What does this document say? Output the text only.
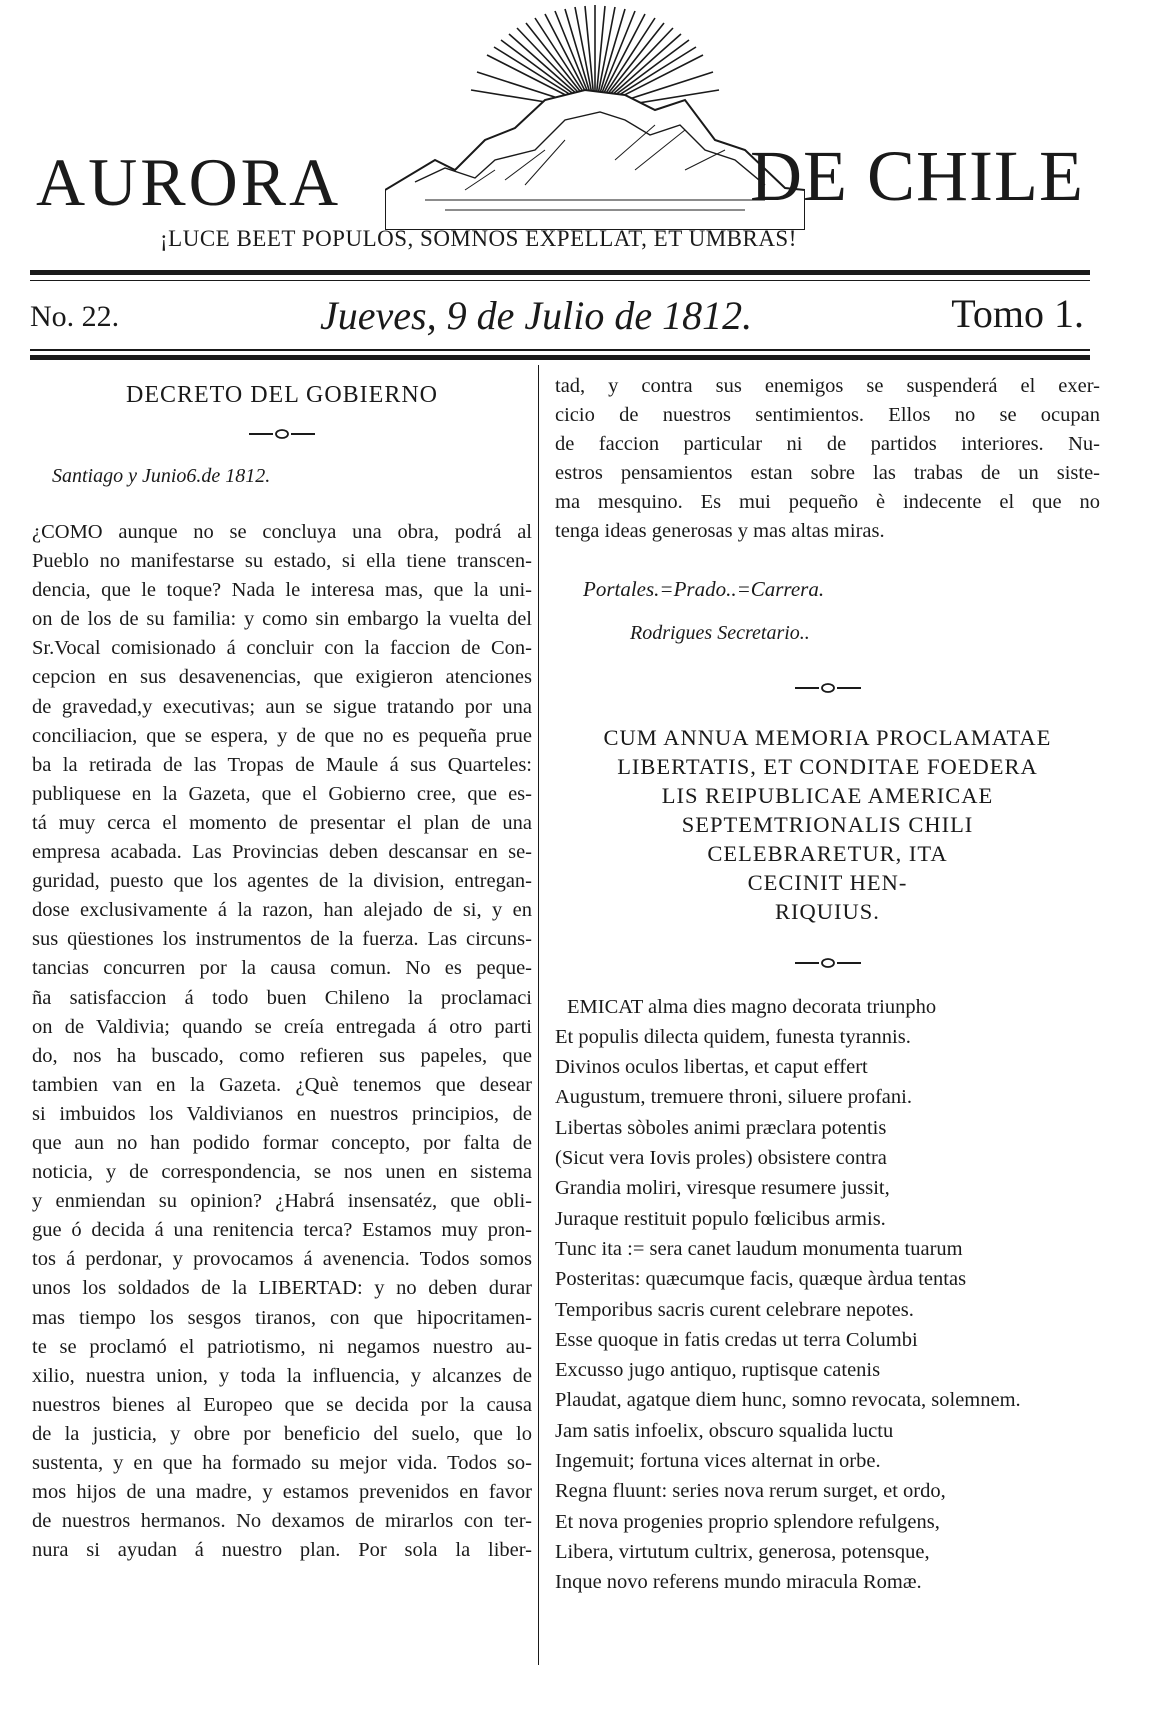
AURORA	DE CHILE
¡LUCE BEET POPULOS, SOMNOS EXPELLAT, ET UMBRAS!
No. 22.	Jueves, 9 de Julio de 1812.	Tomo 1.
DECRETO DEL GOBIERNO
Santiago y Junio6.de 1812.
¿COMO aunque no se concluya una obra, podrá al
Pueblo no manifestarse su estado, si ella tiene transcen-
dencia, que le toque? Nada le interesa mas, que la uni-
on de los de su familia: y como sin embargo la vuelta del
Sr.Vocal comisionado á concluir con la faccion de Con-
cepcion en sus desavenencias, que exigieron atenciones
de gravedad,y executivas; aun se sigue tratando por una
conciliacion, que se espera, y de que no es pequeña prue
ba la retirada de las Tropas de Maule á sus Quarteles:
publiquese en la Gazeta, que el Gobierno cree, que es-
tá muy cerca el momento de presentar el plan de una
empresa acabada. Las Provincias deben descansar en se-
guridad, puesto que los agentes de la division, entregan-
dose exclusivamente á la razon, han alejado de si, y en
sus qüestiones los instrumentos de la fuerza. Las circuns-
tancias concurren por la causa comun. No es peque-
ña satisfaccion á todo buen Chileno la proclamaci
on de Valdivia; quando se creía entregada á otro parti
do, nos ha buscado, como refieren sus papeles, que
tambien van en la Gazeta. ¿Què tenemos que desear
si imbuidos los Valdivianos en nuestros principios, de
que aun no han podido formar concepto, por falta de
noticia, y de correspondencia, se nos unen en sistema
y enmiendan su opinion? ¿Habrá insensatéz, que obli-
gue ó decida á una renitencia terca? Estamos muy pron-
tos á perdonar, y provocamos á avenencia. Todos somos
unos los soldados de la LIBERTAD: y no deben durar
mas tiempo los sesgos tiranos, con que hipocritamen-
te se proclamó el patriotismo, ni negamos nuestro au-
xilio, nuestra union, y toda la influencia, y alcanzes de
nuestros bienes al Europeo que se decida por la causa
de la justicia, y obre por beneficio del suelo, que lo
sustenta, y en que ha formado su mejor vida. Todos so-
mos hijos de una madre, y estamos prevenidos en favor
de nuestros hermanos. No dexamos de mirarlos con ter-
nura si ayudan á nuestro plan. Por sola la liber-
tad, y contra sus enemigos se suspenderá el exer-
cicio de nuestros sentimientos. Ellos no se ocupan
de faccion particular ni de partidos interiores. Nu-
estros pensamientos estan sobre las trabas de un siste-
ma mesquino. Es mui pequeño è indecente el que no
tenga ideas generosas y mas altas miras.
Portales.=Prado..=Carrera.
Rodrigues Secretario..
CUM ANNUA MEMORIA PROCLAMATAE
LIBERTATIS, ET CONDITAE FOEDERA
LIS REIPUBLICAE AMERICAE
SEPTEMTRIONALIS CHILI
CELEBRARETUR, ITA
CECINIT HEN-
RIQUIUS.
EMICAT alma dies magno decorata triunpho
Et populis dilecta quidem, funesta tyrannis.
Divinos oculos libertas, et caput effert
Augustum, tremuere throni, siluere profani.
Libertas sòboles animi præclara potentis
(Sicut vera Iovis proles) obsistere contra
Grandia moliri, viresque resumere jussit,
Juraque restituit populo fœlicibus armis.
Tunc ita := sera canet laudum monumenta tuarum
Posteritas: quæcumque facis, quæque àrdua tentas
Temporibus sacris curent celebrare nepotes.
Esse quoque in fatis credas ut terra Columbi
Excusso jugo antiquo, ruptisque catenis
Plaudat, agatque diem hunc, somno revocata, solemnem.
Jam satis infoelix, obscuro squalida luctu
Ingemuit; fortuna vices alternat in orbe.
Regna fluunt: series nova rerum surget, et ordo,
Et nova progenies proprio splendore refulgens,
Libera, virtutum cultrix, generosa, potensque,
Inque novo referens mundo miracula Romæ.
